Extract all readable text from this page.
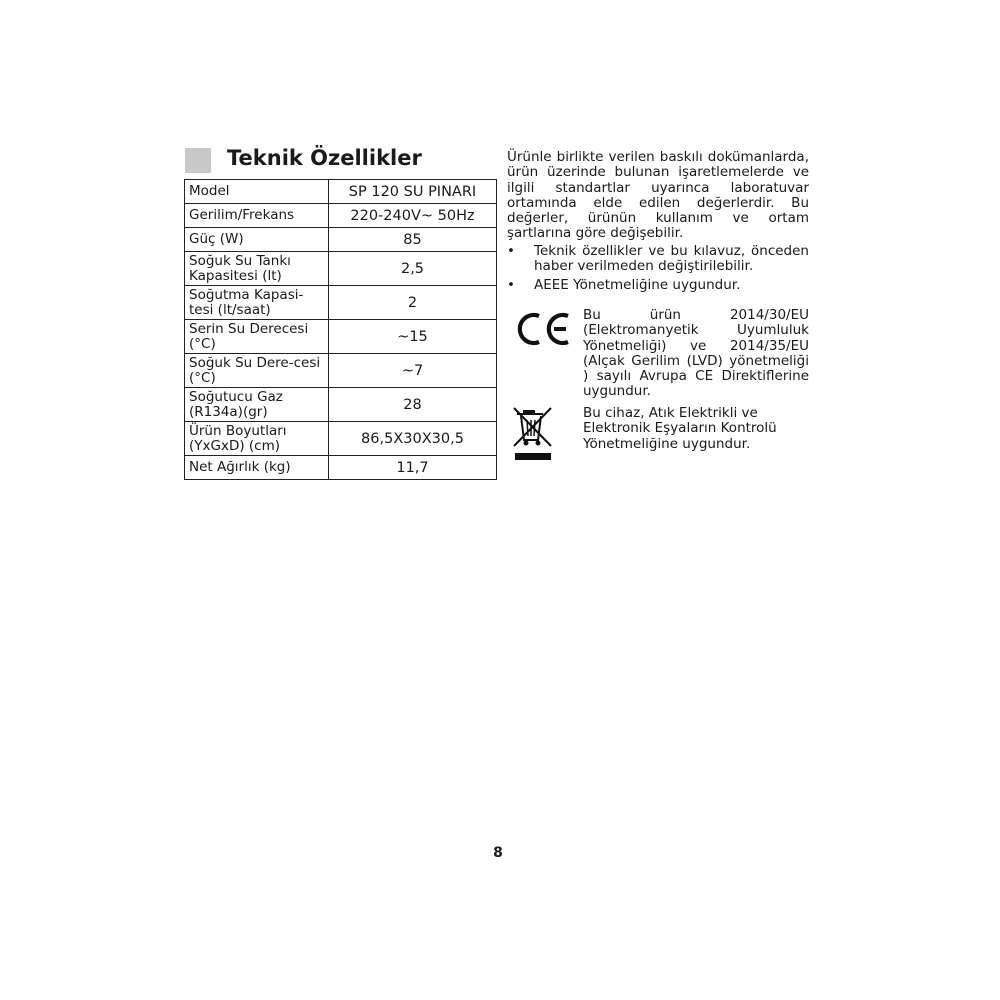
Teknik Özellikler
Model	SP 120 SU PINARI
Gerilim/Frekans	220-240V~ 50Hz
Güç (W)	85
Soğuk Su Tankı Kapasitesi (lt)	2,5
Soğutma Kapasi-tesi (lt/saat)	2
Serin Su Derecesi (°C)	~15
Soğuk Su Dere-cesi (°C)	~7
Soğutucu Gaz (R134a)(gr)	28
Ürün Boyutları (YxGxD) (cm)	86,5X30X30,5
Net Ağırlık (kg)	11,7

Ürünle birlikte verilen baskılı dokümanlarda, ürün üzerinde bulunan işaretlemelerde ve ilgili standartlar uyarınca laboratuvar ortamında elde edilen değerlerdir. Bu değerler, ürünün kullanım ve ortam şartlarına göre değişebilir.

• Teknik özellikler ve bu kılavuz, önceden haber verilmeden değiştirilebilir.
• AEEE Yönetmeliğine uygundur.
Bu ürün 2014/30/EU (Elektromanyetik Uyumluluk Yönetmeliği) ve 2014/35/EU (Alçak Gerilim (LVD) yönetmeliği ) sayılı Avrupa CE Direktiflerine uygundur.
Bu cihaz, Atık Elektrikli ve Elektronik Eşyaların Kontrolü Yönetmeliğine uygundur.
8
